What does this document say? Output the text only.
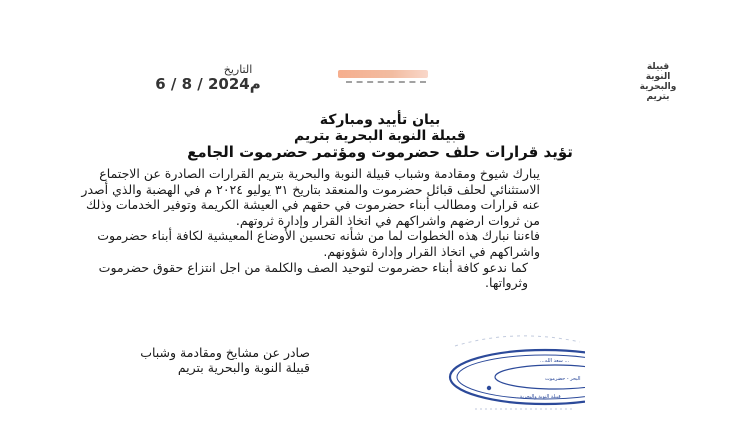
قبيلة
النوبة
والبحرية
بتريم
التاريخ
6 / 8 / 2024م
بيان تأييد ومباركة
قبيلة النوبة البحرية بتريم
تؤيد قرارات حلف حضرموت ومؤتمر حضرموت الجامع

يبارك شيوخ ومقادمة وشباب قبيلة النوبة والبحرية بتريم القرارات الصادرة عن الاجتماع الاستثنائي لحلف قبائل حضرموت والمنعقد بتاريخ ٣١ يوليو ٢٠٢٤ م في الهضبة والذي أصدر عنه قرارات ومطالب أبناء حضرموت في حقهم في العيشة الكريمة وتوفير الخدمات وذلك من ثروات ارضهم واشراكهم في اتخاذ القرار وإدارة ثروتهم.

فاءننا نبارك هذه الخطوات لما من شأنه تحسين الأوضاع المعيشية لكافة أبناء حضرموت واشراكهم في اتخاذ القرار وإدارة شؤونهم.

كما ندعو كافة أبناء حضرموت لتوحيد الصف والكلمة من اجل انتزاع حقوق حضرموت وثرواتها.

صادر عن مشايخ ومقادمة وشباب
قبيلة النوبة والبحرية بتريم	...سعد الله ...
البحر - حضرموت
...قبيلة النوبة والبحرية
